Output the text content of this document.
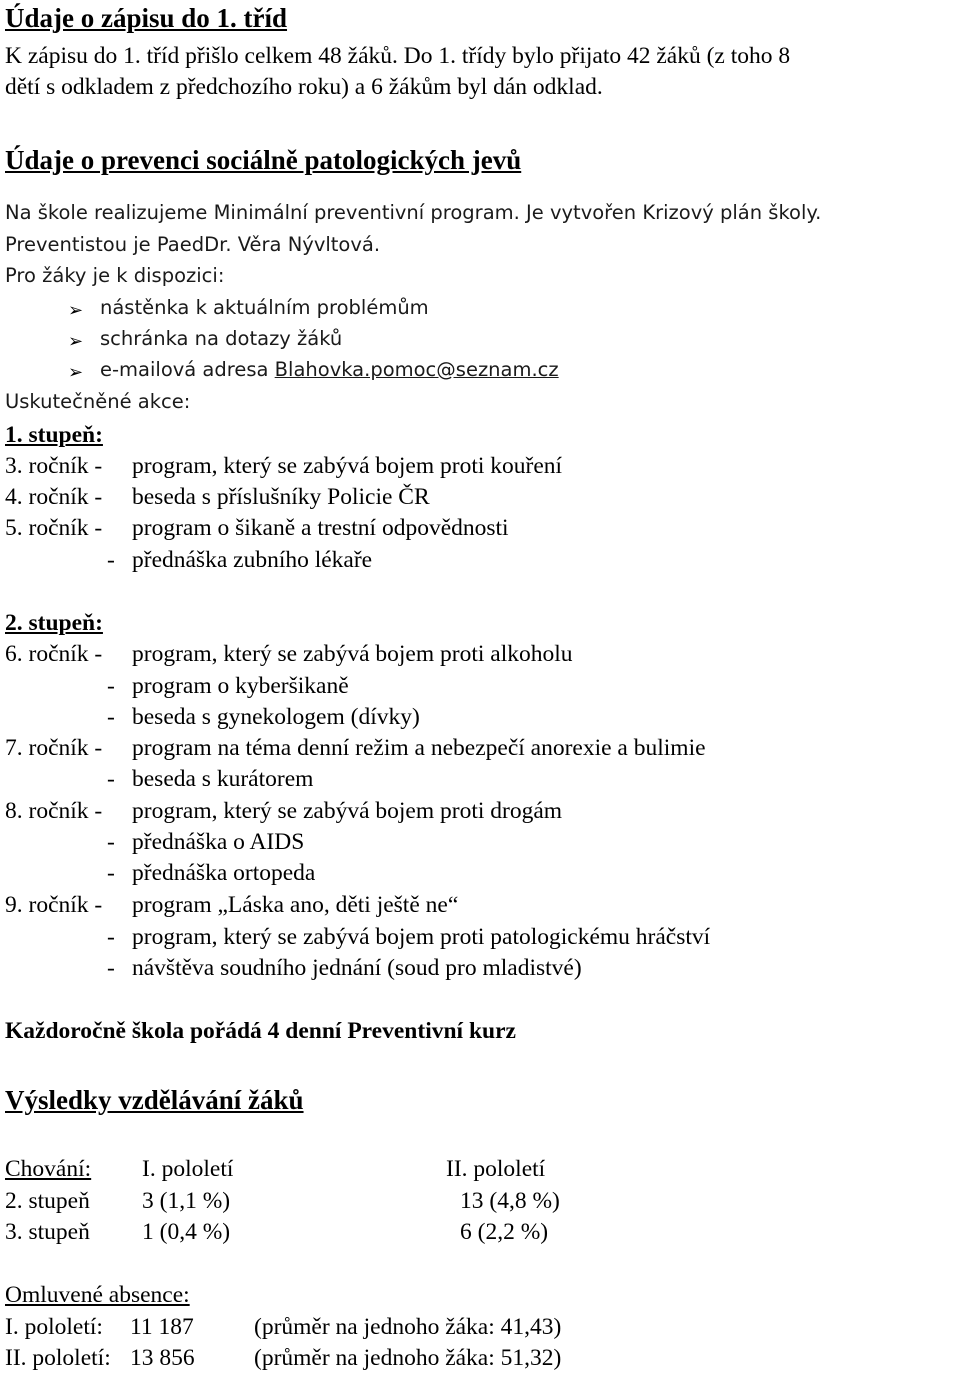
Údaje o zápisu do 1. tříd
K zápisu do 1. tříd přišlo celkem 48 žáků. Do 1. třídy bylo přijato 42 žáků (z toho 8
dětí s odkladem z předchozího roku) a 6 žákům byl dán odklad.
Údaje o prevenci sociálně patologických jevů
Na škole realizujeme Minimální preventivní program. Je vytvořen Krizový plán školy.
Preventistou je PaedDr. Věra Nývltová.
Pro žáky je k dispozici:
➢ nástěnka k aktuálním problémům
➢ schránka na dotazy žáků
➢ e-mailová adresa Blahovka.pomoc@seznam.cz
Uskutečněné akce:
1. stupeň:
3. ročník -	program, který se zabývá bojem proti kouření
4. ročník - beseda s příslušníky Policie ČR
5. ročník - program o šikaně a trestní odpovědnosti
- přednáška zubního lékaře
2. stupeň:
6. ročník - program, který se zabývá bojem proti alkoholu
- program o kyberšikaně
- beseda s gynekologem (dívky)
7. ročník - program na téma denní režim a nebezpečí anorexie a bulimie
- beseda s kurátorem
8. ročník - program, který se zabývá bojem proti drogám
- přednáška o AIDS
- přednáška ortopeda
9. ročník - program „Láska ano, děti ještě ne“
- program, který se zabývá bojem proti patologickému hráčství
- návštěva soudního jednání (soud pro mladistvé)
Každoročně škola pořádá 4 denní Preventivní kurz
Výsledky vzdělávání žáků
Chování: I. pololetí	II. pololetí
2. stupeň 3 (1,1 %)	13 (4,8 %)
3. stupeň 1 (0,4 %)	6 (2,2 %)
Omluvené absence:
I. pololetí: 11 187	(průměr na jednoho žáka: 41,43)
II. pololetí: 13 856	(průměr na jednoho žáka: 51,32)
